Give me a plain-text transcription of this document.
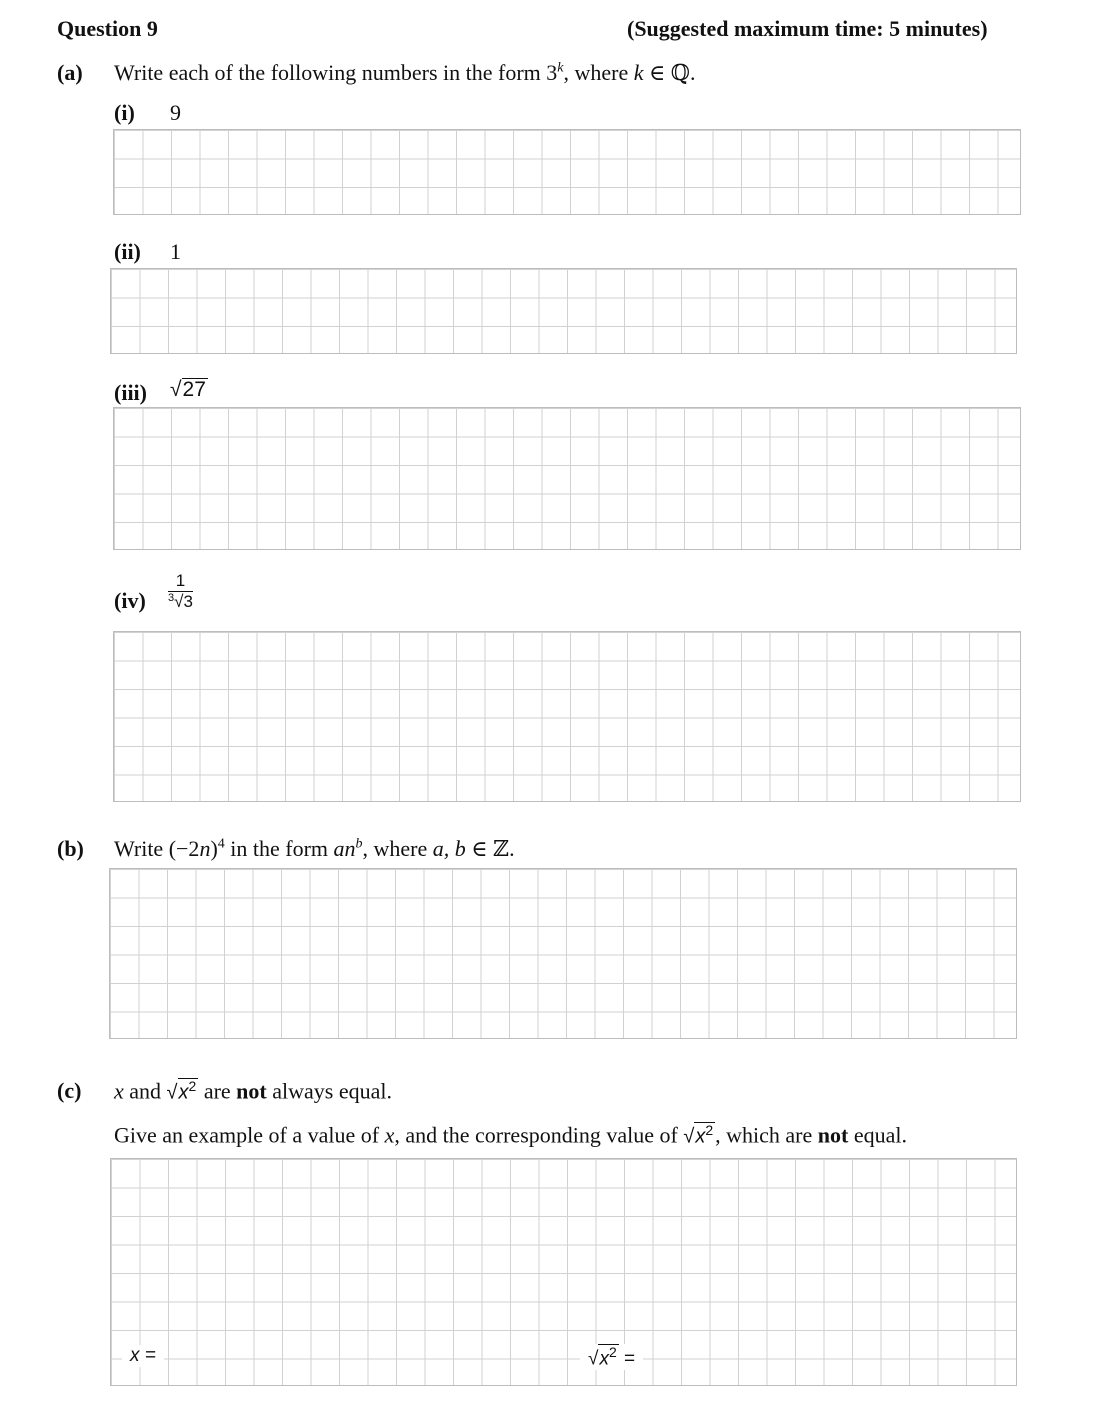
Question 9	(Suggested maximum time: 5 minutes)
(a) Write each of the following numbers in the form 3$^k$, where k ∈ ℚ.
(i) 9
(ii) 1
(iii) √27
$(iv) \frac{1}{^3√3}$
(b) Write $(-2n)^4$ in the form $an^b$, where a, b ∈ ℤ.
(c) x and $√x^2$ are not always equal.
Give an example of a value of x, and the corresponding value of $√x^2$, which are not equal.
x =	$√x^2$ =
